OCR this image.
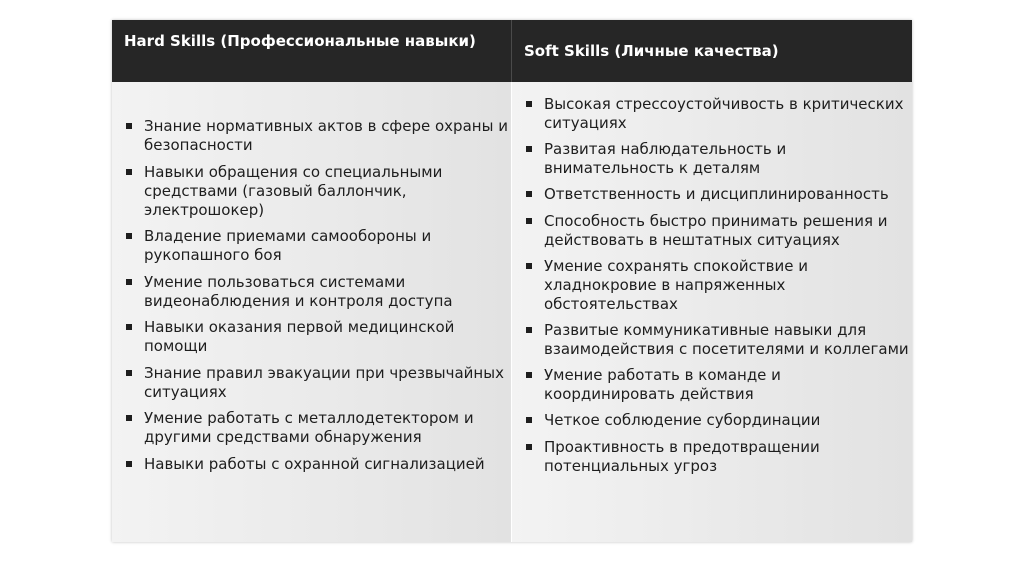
Hard Skills (Профессиональные навыки)
Soft Skills (Личные качества)
Знание нормативных актов в сфере охраны и безопасности
Навыки обращения со специальными средствами (газовый баллончик, электрошокер)
Владение приемами самообороны и рукопашного боя
Умение пользоваться системами видеонаблюдения и контроля доступа
Навыки оказания первой медицинской помощи
Знание правил эвакуации при чрезвычайных ситуациях
Умение работать с металлодетектором и другими средствами обнаружения
Навыки работы с охранной сигнализацией
Высокая стрессоустойчивость в критических ситуациях
Развитая наблюдательность и внимательность к деталям
Ответственность и дисциплинированность
Способность быстро принимать решения и действовать в нештатных ситуациях
Умение сохранять спокойствие и хладнокровие в напряженных обстоятельствах
Развитые коммуникативные навыки для взаимодействия с посетителями и коллегами
Умение работать в команде и координировать действия
Четкое соблюдение субординации
Проактивность в предотвращении потенциальных угроз
